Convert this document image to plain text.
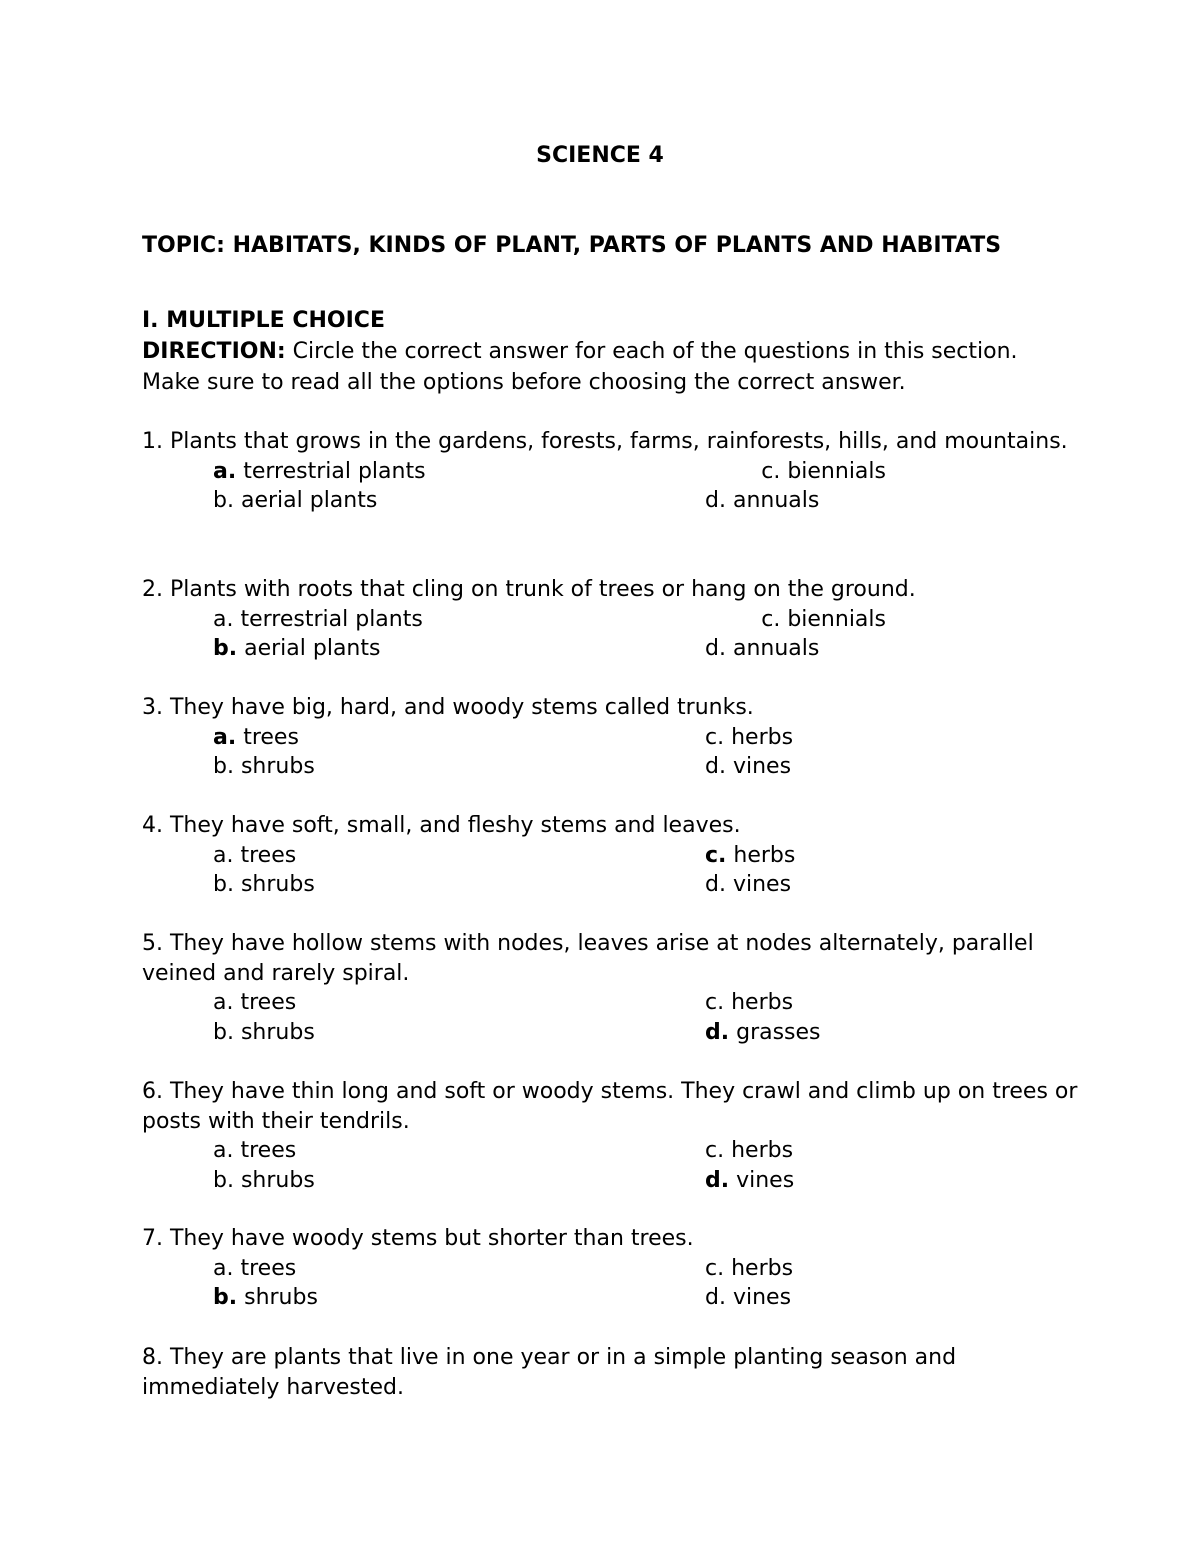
SCIENCE 4
TOPIC: HABITATS, KINDS OF PLANT, PARTS OF PLANTS AND HABITATS
I. MULTIPLE CHOICE
DIRECTION: Circle the correct answer for each of the questions in this section. Make sure to read all the options before choosing the correct answer.
1. Plants that grows in the gardens, forests, farms, rainforests, hills, and mountains.
a. terrestrial plants	c. biennials
b. aerial plants	d. annuals
2. Plants with roots that cling on trunk of trees or hang on the ground.
a. terrestrial plants	c. biennials
b. aerial plants	d. annuals
3. They have big, hard, and woody stems called trunks.
a. trees	c. herbs
b. shrubs	d. vines
4. They have soft, small, and fleshy stems and leaves.
a. trees	c. herbs
b. shrubs	d. vines
5. They have hollow stems with nodes, leaves arise at nodes alternately, parallel veined and rarely spiral.
a. trees	c. herbs
b. shrubs	d. grasses
6. They have thin long and soft or woody stems. They crawl and climb up on trees or posts with their tendrils.
a. trees	c. herbs
b. shrubs	d. vines
7. They have woody stems but shorter than trees.
a. trees	c. herbs
b. shrubs	d. vines
8. They are plants that live in one year or in a simple planting season and immediately harvested.
